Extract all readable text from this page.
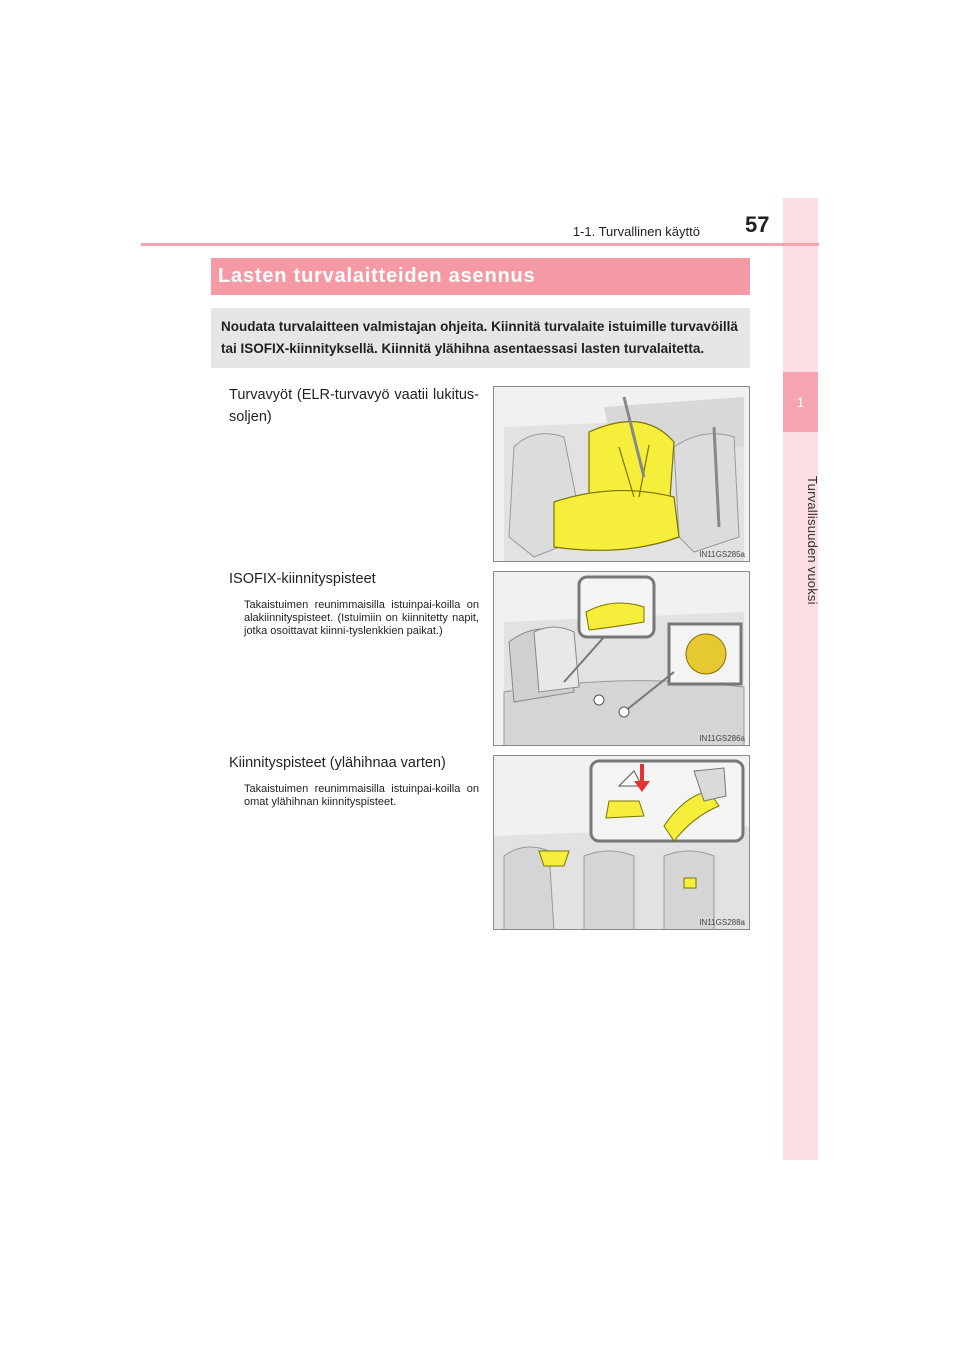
1
Turvallisuuden vuoksi
1-1. Turvallinen käyttö 57
Lasten turvalaitteiden asennus
Noudata turvalaitteen valmistajan ohjeita. Kiinnitä turvalaite istuimille turvavöillä tai ISOFIX-kiinnityksellä. Kiinnitä ylähihna asentaessasi lasten turvalaitetta.
Turvavyöt (ELR-turvavyö vaatii lukitus-soljen)
IN11GS285a
ISOFIX-kiinnityspisteet
Takaistuimen reunimmaisilla istuinpai-koilla on alakiinnityspisteet. (Istuimiin on kiinnitetty napit, jotka osoittavat kiinni-tyslenkkien paikat.)
IN11GS286a
Kiinnityspisteet (ylähihnaa varten)
Takaistuimen reunimmaisilla istuinpai-koilla on omat ylähihnan kiinnityspisteet.
IN11GS288a
